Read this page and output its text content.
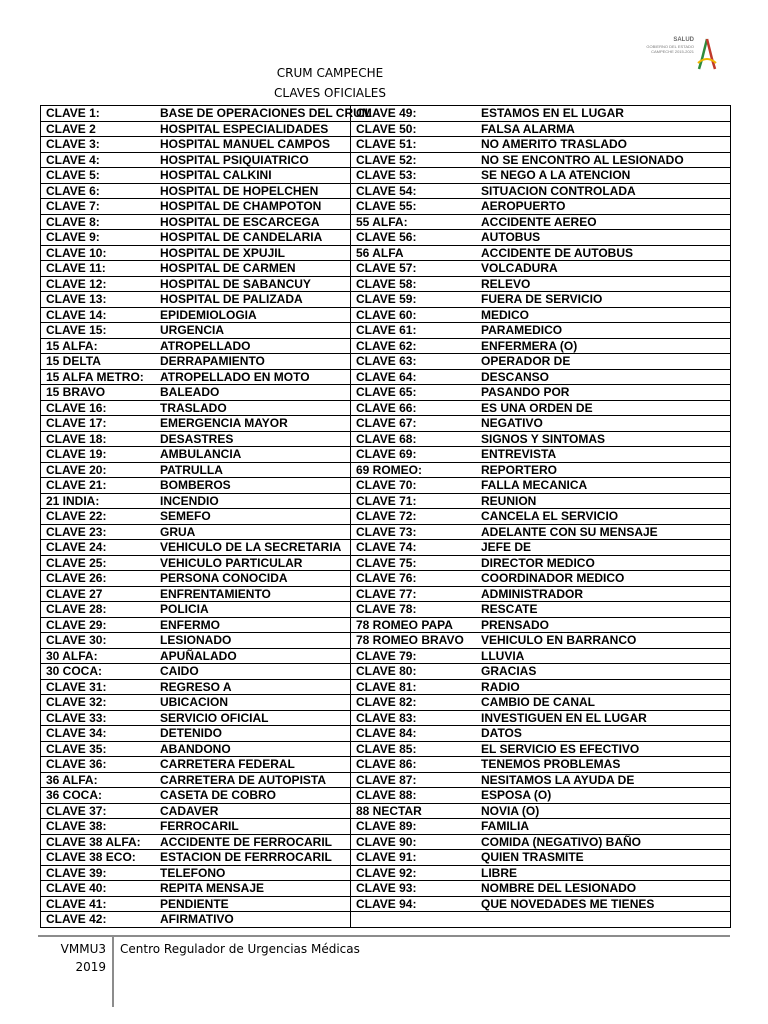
SALUD
GOBIERNO DEL ESTADO
CAMPECHE 2015-2021
CRUM CAMPECHE
CLAVES OFICIALES
CLAVE 1: BASE DE OPERACIONES DEL CRUM	CLAVE 49: ESTAMOS EN EL LUGAR

CLAVE 2 HOSPITAL ESPECIALIDADES	CLAVE 50: FALSA ALARMA

CLAVE 3: HOSPITAL MANUEL CAMPOS	CLAVE 51: NO AMERITO TRASLADO

CLAVE 4: HOSPITAL PSIQUIATRICO	CLAVE 52: NO SE ENCONTRO AL LESIONADO

CLAVE 5: HOSPITAL CALKINI	CLAVE 53: SE NEGO A LA ATENCION

CLAVE 6: HOSPITAL DE HOPELCHEN	CLAVE 54: SITUACION CONTROLADA

CLAVE 7: HOSPITAL DE CHAMPOTON	CLAVE 55: AEROPUERTO

CLAVE 8: HOSPITAL DE ESCARCEGA	55 ALFA: ACCIDENTE AEREO

CLAVE 9: HOSPITAL DE CANDELARIA	CLAVE 56: AUTOBUS

CLAVE 10: HOSPITAL DE XPUJIL	56 ALFA ACCIDENTE DE AUTOBUS

CLAVE 11: HOSPITAL DE CARMEN	CLAVE 57: VOLCADURA

CLAVE 12: HOSPITAL DE SABANCUY	CLAVE 58: RELEVO

CLAVE 13: HOSPITAL DE PALIZADA	CLAVE 59: FUERA DE SERVICIO

CLAVE 14: EPIDEMIOLOGIA	CLAVE 60: MEDICO

CLAVE 15: URGENCIA	CLAVE 61: PARAMEDICO

15 ALFA: ATROPELLADO	CLAVE 62: ENFERMERA (O)

15 DELTA DERRAPAMIENTO	CLAVE 63: OPERADOR DE

15 ALFA METRO: ATROPELLADO EN MOTO	CLAVE 64: DESCANSO

15 BRAVO BALEADO	CLAVE 65: PASANDO POR

CLAVE 16: TRASLADO	CLAVE 66: ES UNA ORDEN DE

CLAVE 17: EMERGENCIA MAYOR	CLAVE 67: NEGATIVO

CLAVE 18: DESASTRES	CLAVE 68: SIGNOS Y SINTOMAS

CLAVE 19: AMBULANCIA	CLAVE 69: ENTREVISTA

CLAVE 20: PATRULLA	69 ROMEO: REPORTERO

CLAVE 21: BOMBEROS	CLAVE 70: FALLA MECANICA

21 INDIA: INCENDIO	CLAVE 71: REUNION

CLAVE 22: SEMEFO	CLAVE 72: CANCELA EL SERVICIO

CLAVE 23: GRUA	CLAVE 73: ADELANTE CON SU MENSAJE

CLAVE 24: VEHICULO DE LA SECRETARIA	CLAVE 74: JEFE DE

CLAVE 25: VEHICULO PARTICULAR	CLAVE 75: DIRECTOR MEDICO

CLAVE 26: PERSONA CONOCIDA	CLAVE 76: COORDINADOR MEDICO

CLAVE 27 ENFRENTAMIENTO	CLAVE 77: ADMINISTRADOR

CLAVE 28: POLICIA	CLAVE 78: RESCATE

CLAVE 29: ENFERMO	78 ROMEO PAPA PRENSADO

CLAVE 30: LESIONADO	78 ROMEO BRAVO VEHICULO EN BARRANCO

30 ALFA: APUÑALADO	CLAVE 79: LLUVIA

30 COCA: CAIDO	CLAVE 80: GRACIAS

CLAVE 31: REGRESO A	CLAVE 81: RADIO

CLAVE 32: UBICACION	CLAVE 82: CAMBIO DE CANAL

CLAVE 33: SERVICIO OFICIAL	CLAVE 83: INVESTIGUEN EN EL LUGAR

CLAVE 34: DETENIDO	CLAVE 84: DATOS

CLAVE 35: ABANDONO	CLAVE 85: EL SERVICIO ES EFECTIVO

CLAVE 36: CARRETERA FEDERAL	CLAVE 86: TENEMOS PROBLEMAS

36 ALFA: CARRETERA DE AUTOPISTA	CLAVE 87: NESITAMOS LA AYUDA DE

36 COCA: CASETA DE COBRO	CLAVE 88: ESPOSA (O)

CLAVE 37: CADAVER	88 NECTAR NOVIA (O)

CLAVE 38: FERROCARIL	CLAVE 89: FAMILIA

CLAVE 38 ALFA: ACCIDENTE DE FERROCARIL	CLAVE 90: COMIDA (NEGATIVO) BAÑO

CLAVE 38 ECO: ESTACION DE FERRROCARIL	CLAVE 91: QUIEN TRASMITE

CLAVE 39: TELEFONO	CLAVE 92: LIBRE

CLAVE 40: REPITA MENSAJE	CLAVE 93: NOMBRE DEL LESIONADO

CLAVE 41: PENDIENTE	CLAVE 94: QUE NOVEDADES ME TIENES

CLAVE 42: AFIRMATIVO	

VMMU3
2019
Centro Regulador de Urgencias Médicas
